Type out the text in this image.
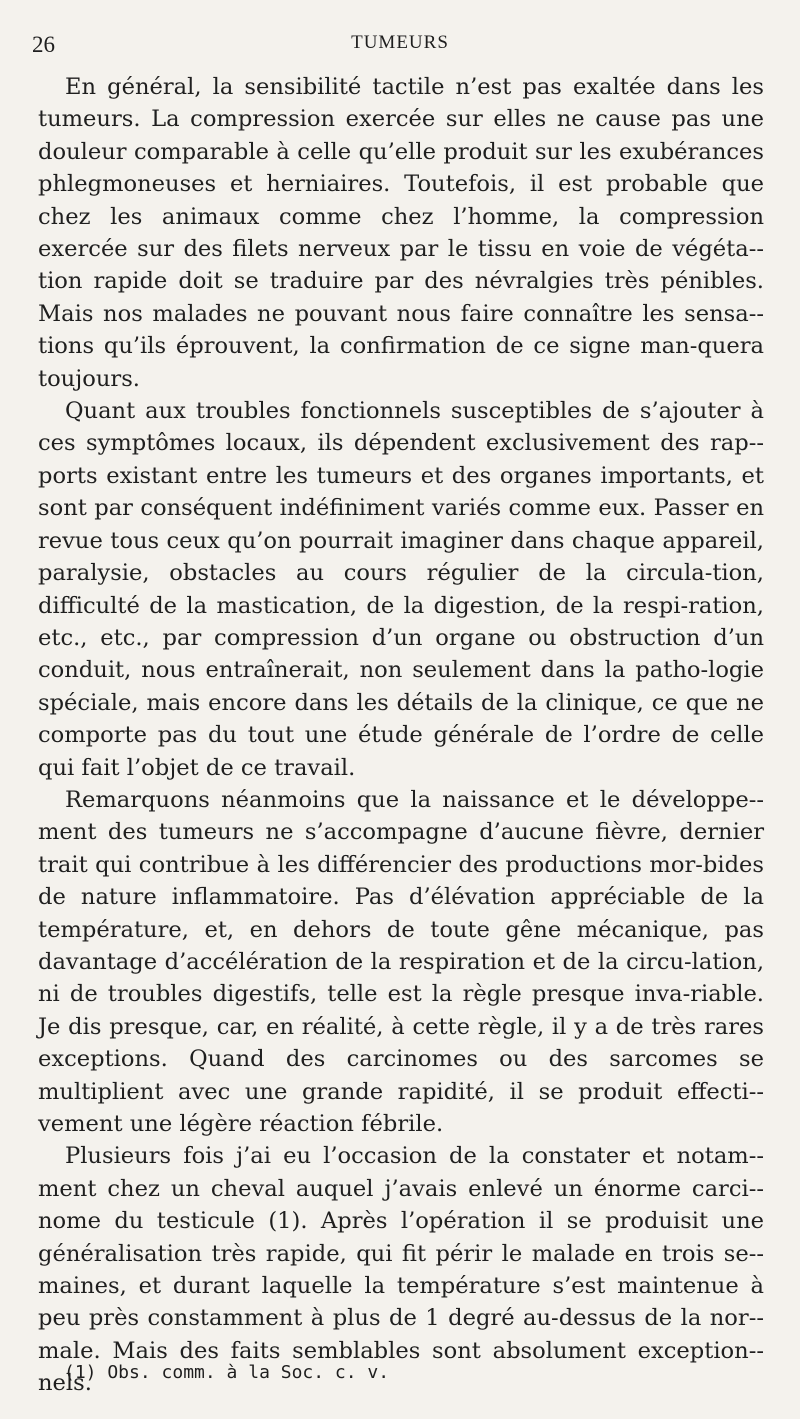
26	TUMEURS

En général, la sensibilité tactile n’est pas exaltée dans les tumeurs. La compression exercée sur elles ne cause pas une douleur comparable à celle qu’elle produit sur les exubérances phlegmoneuses et herniaires. Toutefois, il est probable que chez les animaux comme chez l’homme, la compression exercée sur des filets nerveux par le tissu en voie de végéta-tion rapide doit se traduire par des névralgies très pénibles. Mais nos malades ne pouvant nous faire connaître les sensa-tions qu’ils éprouvent, la confirmation de ce signe man-quera toujours.

Quant aux troubles fonctionnels susceptibles de s’ajouter à ces symptômes locaux, ils dépendent exclusivement des rap-ports existant entre les tumeurs et des organes importants, et sont par conséquent indéfiniment variés comme eux. Passer en revue tous ceux qu’on pourrait imaginer dans chaque appareil, paralysie, obstacles au cours régulier de la circula-tion, difficulté de la mastication, de la digestion, de la respi-ration, etc., etc., par compression d’un organe ou obstruction d’un conduit, nous entraînerait, non seulement dans la patho-logie spéciale, mais encore dans les détails de la clinique, ce que ne comporte pas du tout une étude générale de l’ordre de celle qui fait l’objet de ce travail.

Remarquons néanmoins que la naissance et le développe-ment des tumeurs ne s’accompagne d’aucune fièvre, dernier trait qui contribue à les différencier des productions mor-bides de nature inflammatoire. Pas d’élévation appréciable de la température, et, en dehors de toute gêne mécanique, pas davantage d’accélération de la respiration et de la circu-lation, ni de troubles digestifs, telle est la règle presque inva-riable. Je dis presque, car, en réalité, à cette règle, il y a de très rares exceptions. Quand des carcinomes ou des sarcomes se multiplient avec une grande rapidité, il se produit effecti-vement une légère réaction fébrile.

Plusieurs fois j’ai eu l’occasion de la constater et notam-ment chez un cheval auquel j’avais enlevé un énorme carci-nome du testicule (1). Après l’opération il se produisit une généralisation très rapide, qui fit périr le malade en trois se-maines, et durant laquelle la température s’est maintenue à peu près constamment à plus de 1 degré au-dessus de la nor-male. Mais des faits semblables sont absolument exception-nels.

(1) Obs. comm. à la Soc. c. v.
